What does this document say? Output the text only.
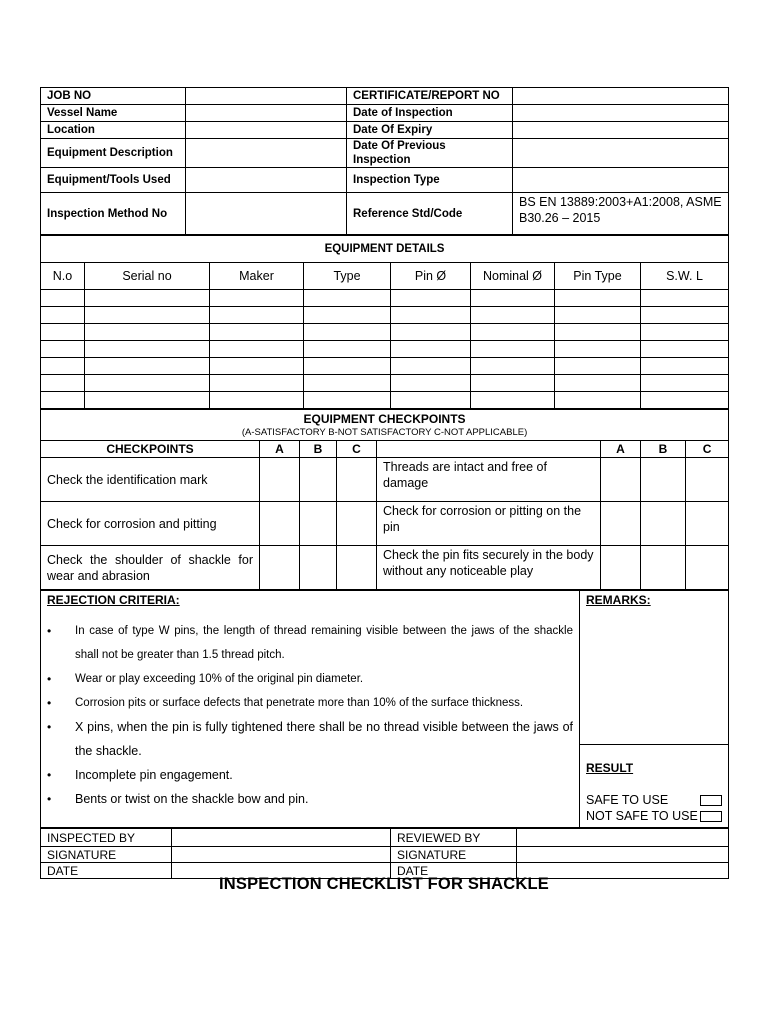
JOB NO		CERTIFICATE/REPORT NO	
Vessel Name		Date of Inspection	
Location		Date Of Expiry	
Equipment Description		Date Of Previous Inspection	
Equipment/Tools Used		Inspection Type	
Inspection Method No		Reference Std/Code	BS EN 13889:2003+A1:2008, ASME B30.26 – 2015
EQUIPMENT DETAILS							
N.o	Serial no	Maker	Type	Pin Ø	Nominal Ø	Pin Type	S.W. L

EQUIPMENT CHECKPOINTS
(A-SATISFACTORY B-NOT SATISFACTORY C-NOT APPLICABLE)							

CHECKPOINTS	A	B	C		A	B	C
Check the identification mark				Threads are intact and free of damage			
Check for corrosion and pitting				Check for corrosion or pitting on the pin			
Check the shoulder of shackle for wear and abrasion				Check the pin fits securely in the body without any noticeable play			
REJECTION CRITERIA:
• In case of type W pins, the length of thread remaining visible between the jaws of the shackle shall not be greater than 1.5 thread pitch.
• Wear or play exceeding 10% of the original pin diameter.
• Corrosion pits or surface defects that penetrate more than 10% of the surface thickness.
• X pins, when the pin is fully tightened there shall be no thread visible between the jaws of the shackle.
• Incomplete pin engagement.
• Bents or twist on the shackle bow and pin.

REMARKS:

RESULT
SAFE TO USE
NOT SAFE TO USE
INSPECTED BY		REVIEWED BY	
SIGNATURE		SIGNATURE	
DATE		DATE	
INSPECTION CHECKLIST FOR SHACKLE
